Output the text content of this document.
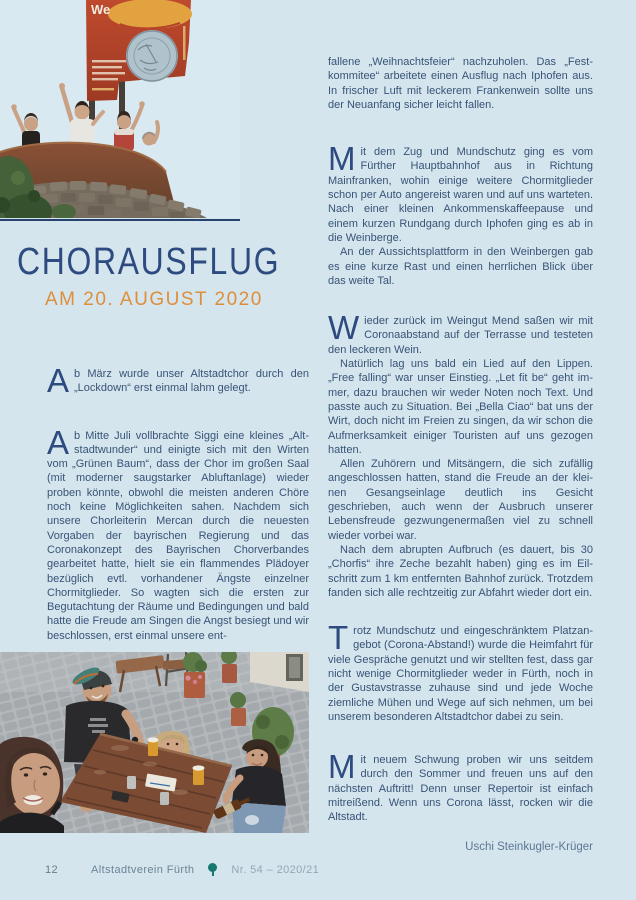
We
CHORAUSFLUG
AM 20. AUGUST 2020

Ab März wurde unser Altstadtchor durch den „Lockdown“ erst einmal lahm gelegt.

Ab Mitte Juli vollbrachte Siggi eine kleines „Altstadtwunder“ und einigte sich mit den Wirten vom „Grünen Baum“, dass der Chor im großen Saal (mit moderner saugstarker Abluftanlage) wieder proben könnte, obwohl die meisten anderen Chöre noch keine Möglichkeiten sahen. Nachdem sich unsere Chorleiterin Mercan durch die neuesten Vorgaben der bayrischen Regierung und das Coronakonzept des Bayrischen Chorverbandes gearbeitet hatte, hielt sie ein flammendes Plädoyer bezüglich evtl. vorhandener Ängste einzelner Chormitglieder. So wagten sich die ersten zur Begutachtung der Räume und Bedingungen und bald hatte die Freude am Singen die Angst besiegt und wir beschlossen, erst einmal unsere ent-

fallene „Weihnachtsfeier“ nachzuholen. Das „Festkommitee“ arbeitete einen Ausflug nach Iphofen aus. In frischer Luft mit leckerem Frankenwein sollte uns der Neuanfang sicher leicht fallen.

Mit dem Zug und Mundschutz ging es vom Fürther Hauptbahnhof aus in Richtung Mainfranken, wohin einige weitere Chormitglieder schon per Auto angereist waren und auf uns warteten. Nach einer kleinen Ankommenskaffeepause und einem kurzen Rundgang durch Iphofen ging es ab in die Weinberge.

An der Aussichtsplattform in den Weinbergen gab es eine kurze Rast und einen herrlichen Blick über das weite Tal.

Wieder zurück im Weingut Mend saßen wir mit Coronaabstand auf der Terrasse und testeten den leckeren Wein.

Natürlich lag uns bald ein Lied auf den Lippen. „Free falling“ war unser Einstieg. „Let fit be“ geht immer, dazu brauchen wir weder Noten noch Text. Und passte auch zu Situation. Bei „Bella Ciao“ bat uns der Wirt, doch nicht im Freien zu singen, da wir schon die Aufmerksamkeit einiger Touristen auf uns gezogen hatten.

Allen Zuhörern und Mitsängern, die sich zufällig angeschlossen hatten, stand die Freude an der kleinen Gesangseinlage deutlich ins Gesicht geschrieben, auch wenn der Ausbruch unserer Lebensfreude gezwungenermaßen viel zu schnell wieder vorbei war.

Nach dem abrupten Aufbruch (es dauert, bis 30 „Chorfis“ ihre Zeche bezahlt haben) ging es im Eilschritt zum 1 km entfernten Bahnhof zurück. Trotzdem fanden sich alle rechtzeitig zur Abfahrt wieder dort ein.

Trotz Mundschutz und eingeschränktem Platzangebot (Corona-Abstand!) wurde die Heimfahrt für viele Gespräche genutzt und wir stellten fest, dass gar nicht wenige Chormitglieder weder in Fürth, noch in der Gustavstrasse zuhause sind und jede Woche ziemliche Mühen und Wege auf sich nehmen, um bei unserem besonderen Altstadtchor dabei zu sein.

Mit neuem Schwung proben wir uns seitdem durch den Sommer und freuen uns auf den nächsten Auftritt! Denn unser Repertoir ist einfach mitreißend. Wenn uns Corona lässt, rocken wir die Altstadt.

Uschi Steinkugler-Krüger

12	Altstadtverein Fürth	Nr. 54 – 2020/21
